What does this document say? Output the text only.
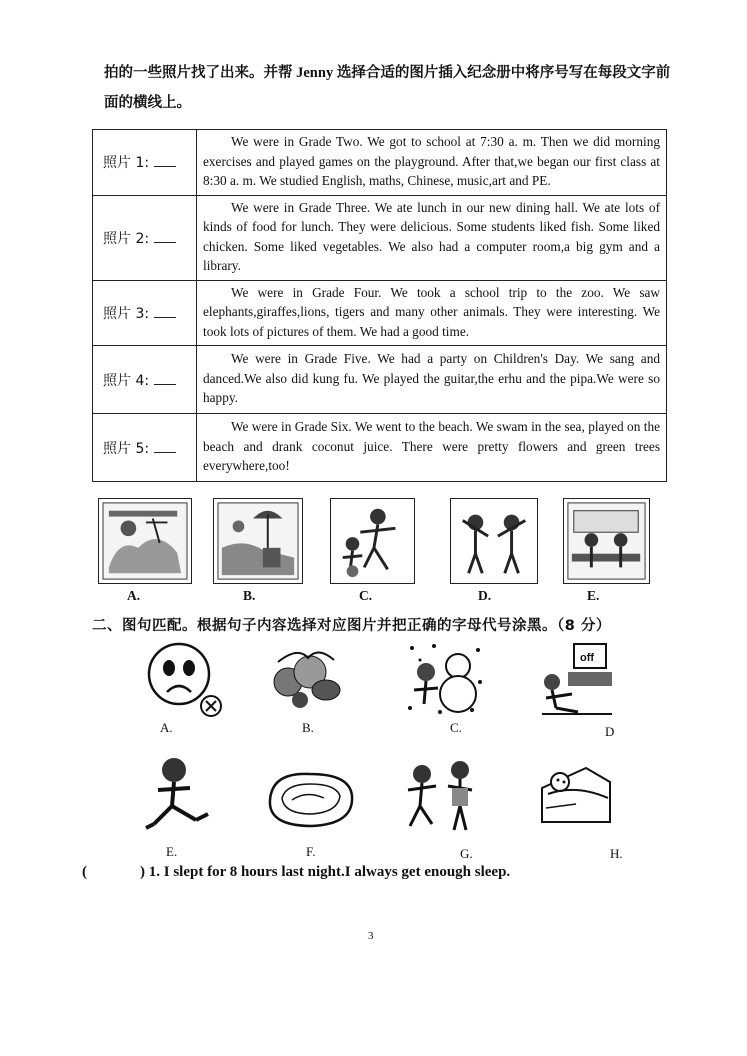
拍的一些照片找了出来。并帮 Jenny 选择合适的图片插入纪念册中将序号写在每段文字前
面的横线上。
照片 1:	We were in Grade Two. We got to school at 7:30 a. m. Then we did morning exercises and played games on the playground. After that,we began our first class at 8:30 a. m. We studied English, maths, Chinese, music,art and PE.
照片 2:	We were in Grade Three. We ate lunch in our new dining hall. We ate lots of kinds of food for lunch. They were delicious. Some students liked fish. Some liked chicken. Some liked vegetables. We also had a computer room,a big gym and a library.
照片 3:	We were in Grade Four. We took a school trip to the zoo. We saw elephants,giraffes,lions, tigers and many other animals. They were interesting. We took lots of pictures of them. We had a good time.
照片 4:	We were in Grade Five. We had a party on Children's Day. We sang and danced.We also did kung fu. We played the guitar,the erhu and the pipa.We were so happy.
照片 5:	We were in Grade Six. We went to the beach. We swam in the sea, played on the beach and drank coconut juice. There were pretty flowers and green trees everywhere,too!
A.	B.	C.	D.	E.
二、图句匹配。根据句子内容选择对应图片并把正确的字母代号涂黑。（8 分）
A.	B.	C.
off
D
E.	F.	G.	H.
(	) 1. I slept for 8 hours last night.I always get enough sleep.
3
